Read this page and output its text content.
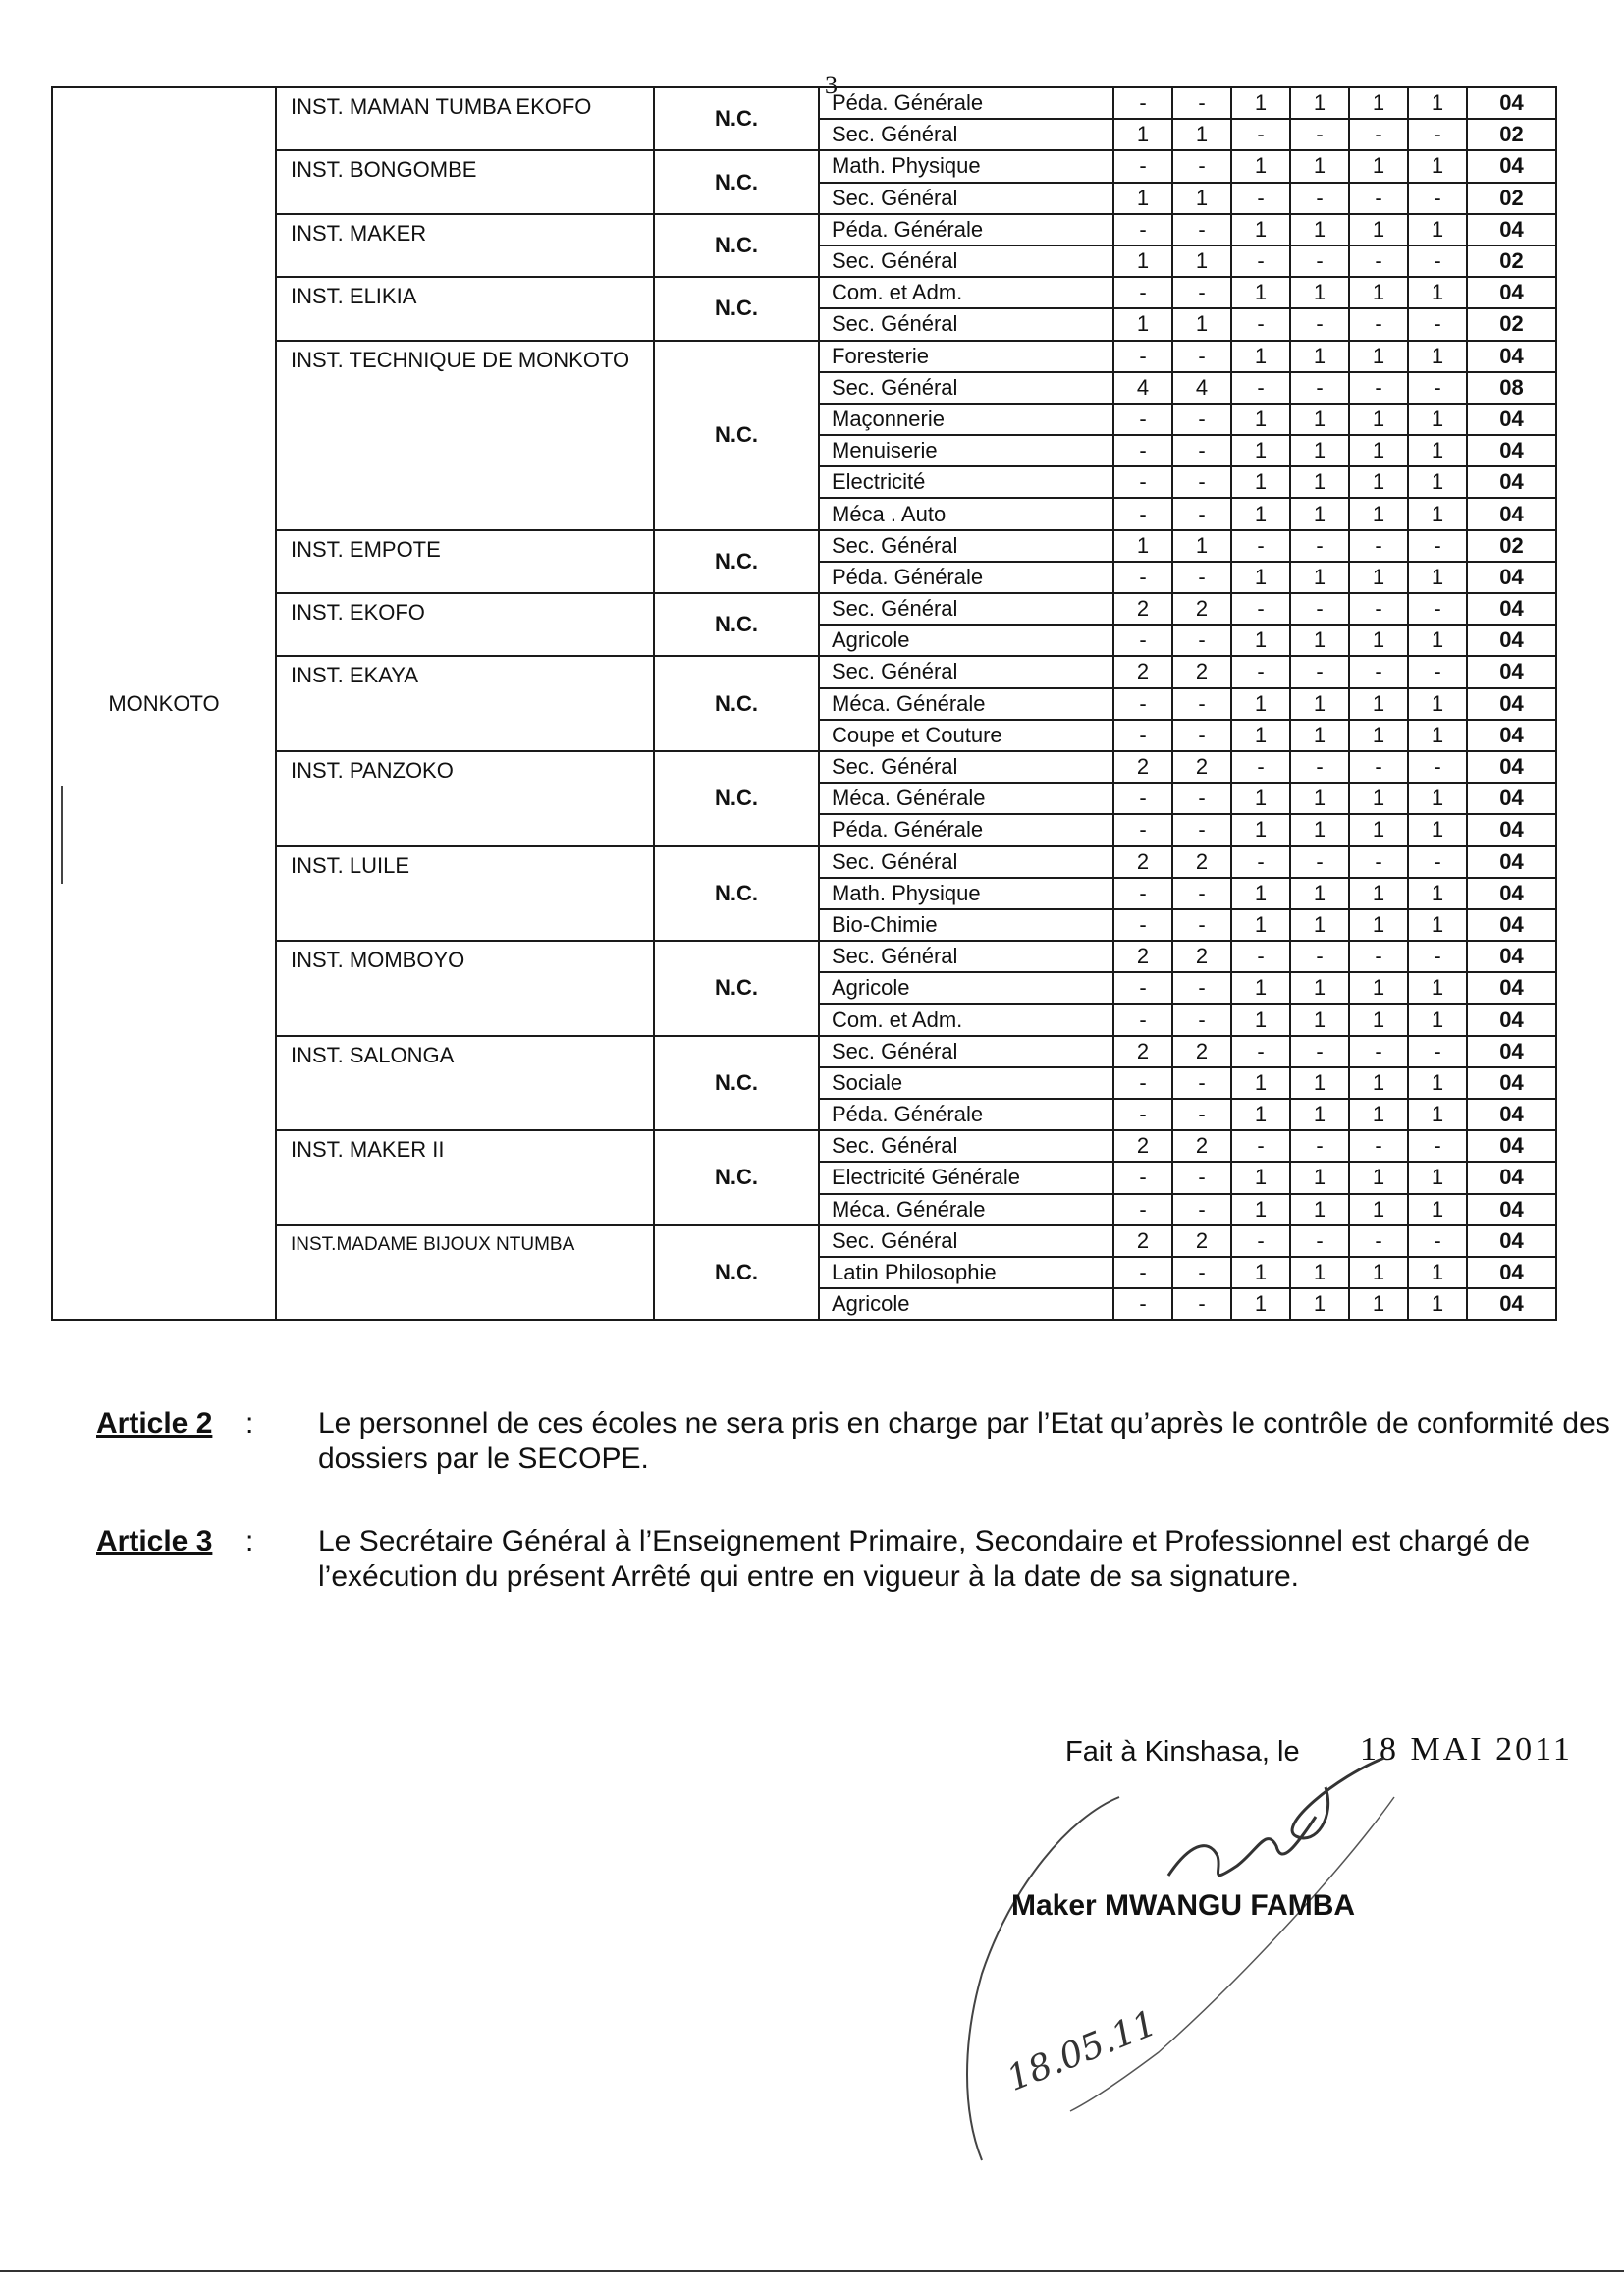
3
MONKOTO	INST. MAMAN TUMBA EKOFO	N.C.	Péda. Générale	-	-	1	1	1	1	04
			Sec. Général	1	1	-	-	-	-	02
	INST. BONGOMBE	N.C.	Math. Physique	-	-	1	1	1	1	04
			Sec. Général	1	1	-	-	-	-	02
	INST. MAKER	N.C.	Péda. Générale	-	-	1	1	1	1	04
			Sec. Général	1	1	-	-	-	-	02
	INST. ELIKIA	N.C.	Com. et Adm.	-	-	1	1	1	1	04
			Sec. Général	1	1	-	-	-	-	02
	INST. TECHNIQUE DE MONKOTO	N.C.	Foresterie	-	-	1	1	1	1	04
			Sec. Général	4	4	-	-	-	-	08
			Maçonnerie	-	-	1	1	1	1	04
			Menuiserie	-	-	1	1	1	1	04
			Electricité	-	-	1	1	1	1	04
			Méca . Auto	-	-	1	1	1	1	04
	INST. EMPOTE	N.C.	Sec. Général	1	1	-	-	-	-	02
			Péda. Générale	-	-	1	1	1	1	04
	INST. EKOFO	N.C.	Sec. Général	2	2	-	-	-	-	04
			Agricole	-	-	1	1	1	1	04
	INST. EKAYA	N.C.	Sec. Général	2	2	-	-	-	-	04
			Méca. Générale	-	-	1	1	1	1	04
			Coupe et Couture	-	-	1	1	1	1	04
	INST. PANZOKO	N.C.	Sec. Général	2	2	-	-	-	-	04
			Méca. Générale	-	-	1	1	1	1	04
			Péda. Générale	-	-	1	1	1	1	04
	INST. LUILE	N.C.	Sec. Général	2	2	-	-	-	-	04
			Math. Physique	-	-	1	1	1	1	04
			Bio-Chimie	-	-	1	1	1	1	04
	INST. MOMBOYO	N.C.	Sec. Général	2	2	-	-	-	-	04
			Agricole	-	-	1	1	1	1	04
			Com. et Adm.	-	-	1	1	1	1	04
	INST. SALONGA	N.C.	Sec. Général	2	2	-	-	-	-	04
			Sociale	-	-	1	1	1	1	04
			Péda. Générale	-	-	1	1	1	1	04
	INST. MAKER II	N.C.	Sec. Général	2	2	-	-	-	-	04
			Electricité Générale	-	-	1	1	1	1	04
			Méca. Générale	-	-	1	1	1	1	04
	INST.MADAME BIJOUX NTUMBA	N.C.	Sec. Général	2	2	-	-	-	-	04
			Latin Philosophie	-	-	1	1	1	1	04
			Agricole	-	-	1	1	1	1	04
Article 2 : Le personnel de ces écoles ne sera pris en charge par l’Etat qu’après le contrôle de conformité des dossiers par le SECOPE.
Article 3 : Le Secrétaire Général à l’Enseignement Primaire, Secondaire et Professionnel est chargé de l’exécution du présent Arrêté qui entre en vigueur à la date de sa signature.
Fait à Kinshasa, le 18 MAI 2011
Maker MWANGU FAMBA
18.05.11
